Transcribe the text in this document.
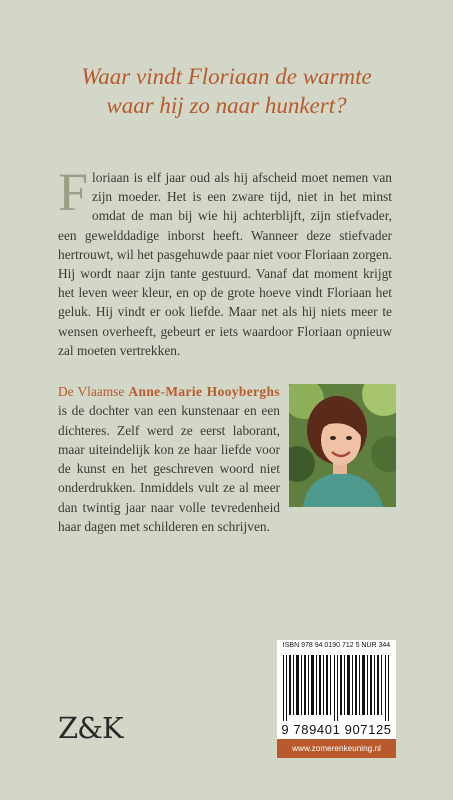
Waar vindt Floriaan de warmte
waar hij zo naar hunkert?
Floriaan is elf jaar oud als hij afscheid moet nemen van zijn moeder. Het is een zware tijd, niet in het minst omdat de man bij wie hij achterblijft, zijn stiefvader, een gewelddadige inborst heeft. Wanneer deze stiefvader hertrouwt, wil het pasgehuwde paar niet voor Floriaan zorgen. Hij wordt naar zijn tante gestuurd. Vanaf dat moment krijgt het leven weer kleur, en op de grote hoeve vindt Floriaan het geluk. Hij vindt er ook liefde. Maar net als hij niets meer te wensen overheeft, gebeurt er iets waardoor Floriaan opnieuw zal moeten vertrekken.
De Vlaamse Anne-Marie Hooyberghs is de dochter van een kunstenaar en een dichteres. Zelf werd ze eerst laborant, maar uiteindelijk kon ze haar liefde voor de kunst en het geschreven woord niet onderdrukken. Inmiddels vult ze al meer dan twintig jaar naar volle tevredenheid haar dagen met schilderen en schrijven.
ISBN 978 94 0190 712 5 NUR 344
9 789401 907125
www.zomerenkeuning.nl
Z&K
